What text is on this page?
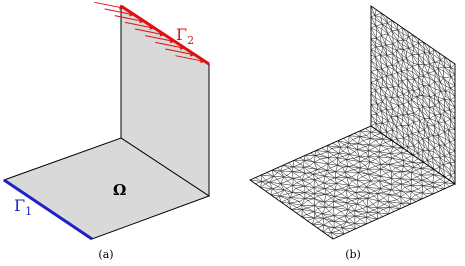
Ω
$\Gamma_1$
$\Gamma_2$
(a)	(b)
